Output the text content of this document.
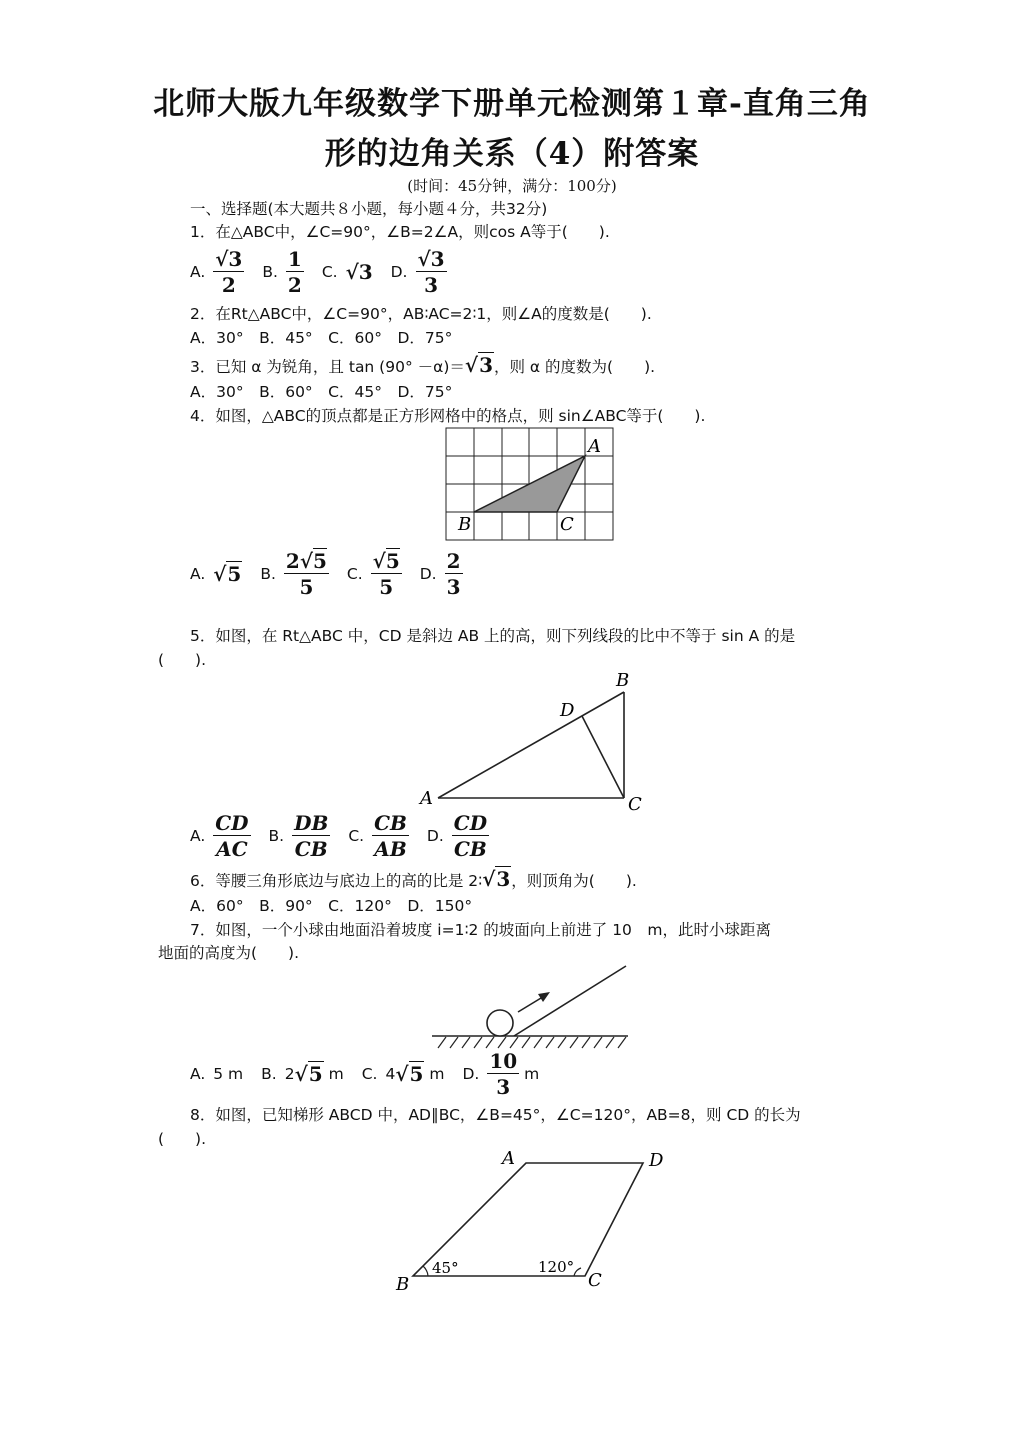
北师大版九年级数学下册单元检测第１章-直角三角
形的边角关系（4）附答案
(时间：45分钟，满分：100分)
一、选择题(本大题共８小题，每小题４分，共32分)
1．在△ABC中，∠C=90°，∠B=2∠A，则cos A等于(　　).
A. $\frac{√3}{2} B$. $\frac{1}{2} C$. √3 D. $\frac{√3}{3}$
2．在Rt△ABC中，∠C=90°，AB∶AC=2∶1，则∠A的度数是(　　).
A．30°　B．45°　C．60°　D．75°
3．已知 α 为锐角，且 tan (90° －α)＝√3，则 α 的度数为(　　).
A．30°　B．60°　C．45°　D．75°
4．如图，△ABC的顶点都是正方形网格中的格点，则 sin∠ABC等于(　　).
A
B	C
A. √5 B. $\frac{2√5}{5} C$. $\frac{√5}{5} D$. $\frac{2}{3}$
5．如图，在 Rt△ABC 中，CD 是斜边 AB 上的高，则下列线段的比中不等于 sin A 的是
(　　).
A
B
C
D
A. $\frac{CD}{AC} B$. $\frac{DB}{CB} C$. $\frac{CB}{AB} D$. $\frac{CD}{CB}$
6．等腰三角形底边与底边上的高的比是 2∶√3，则顶角为(　　).
A．60°　B．90°　C．120°　D．150°
7．如图，一个小球由地面沿着坡度 i=1∶2 的坡面向上前进了 10　m，此时小球距离
地面的高度为(　　).
A. 5 m B. 2 √5
m C. 4 √5
m D. $\frac{10}{3}$
m
8．如图，已知梯形 ABCD 中，AD∥BC，∠B=45°，∠C=120°，AB=8，则 CD 的长为
(　　).
A	D
B	C
45°	120°
